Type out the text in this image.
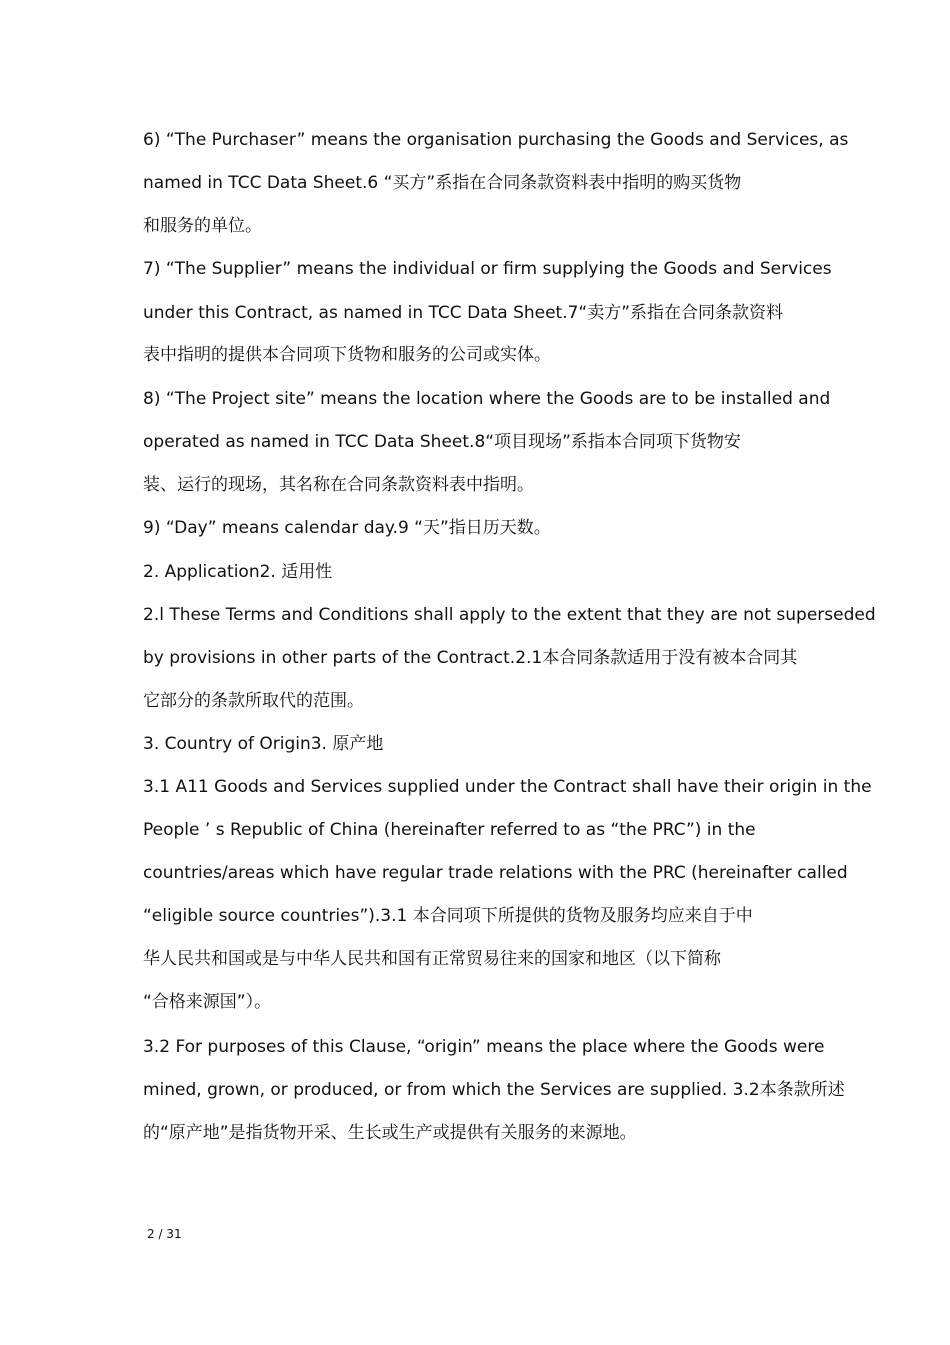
6) “The Purchaser” means the organisation purchasing the Goods and Services, as
named in TCC Data Sheet.6 “买方”系指在合同条款资料表中指明的购买货物
和服务的单位。
7) “The Supplier” means the individual or firm supplying the Goods and Services
under this Contract, as named in TCC Data Sheet.7“卖方”系指在合同条款资料
表中指明的提供本合同项下货物和服务的公司或实体。
8) “The Project site” means the location where the Goods are to be installed and
operated as named in TCC Data Sheet.8“项目现场”系指本合同项下货物安
装、运行的现场，其名称在合同条款资料表中指明。
9) “Day” means calendar day.9 “天”指日历天数。
2. Application2. 适用性
2.l These Terms and Conditions shall apply to the extent that they are not superseded
by provisions in other parts of the Contract.2.1本合同条款适用于没有被本合同其
它部分的条款所取代的范围。
3. Country of Origin3. 原产地
3.1 A11 Goods and Services supplied under the Contract shall have their origin in the
People ’ s Republic of China (hereinafter referred to as “the PRC”) in the
countries/areas which have regular trade relations with the PRC (hereinafter called
“eligible source countries”).3.1 本合同项下所提供的货物及服务均应来自于中
华人民共和国或是与中华人民共和国有正常贸易往来的国家和地区（以下简称
“合格来源国”）。
3.2 For purposes of this Clause, “origin” means the place where the Goods were
mined, grown, or produced, or from which the Services are supplied. 3.2本条款所述
的“原产地”是指货物开采、生长或生产或提供有关服务的来源地。
2 / 31
